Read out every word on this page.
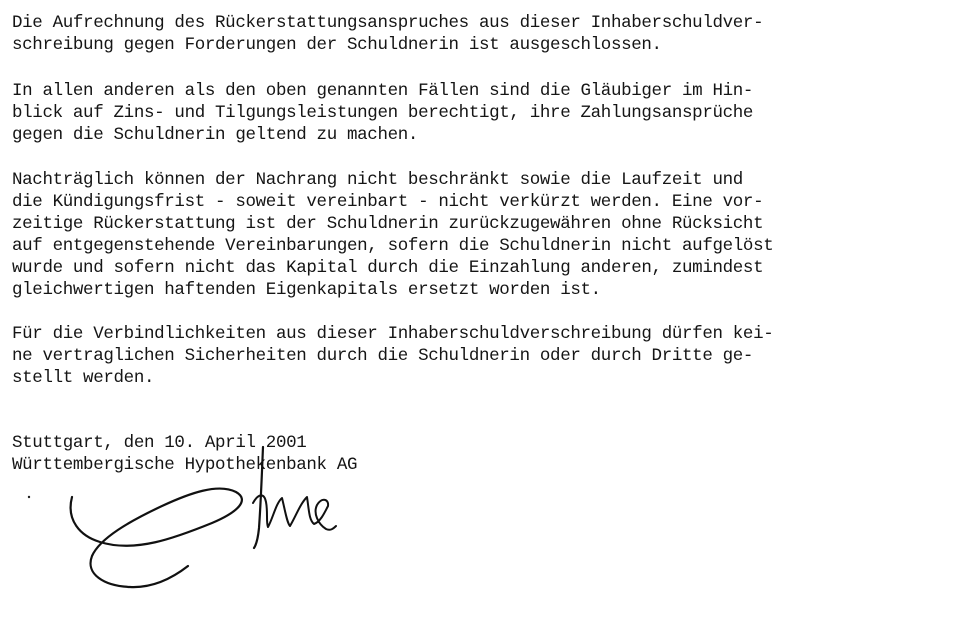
Die Aufrechnung des Rückerstattungsanspruches aus dieser Inhaberschuldver-
schreibung gegen Forderungen der Schuldnerin ist ausgeschlossen.

In allen anderen als den oben genannten Fällen sind die Gläubiger im Hin-
blick auf Zins- und Tilgungsleistungen berechtigt, ihre Zahlungsansprüche
gegen die Schuldnerin geltend zu machen.

Nachträglich können der Nachrang nicht beschränkt sowie die Laufzeit und
die Kündigungsfrist - soweit vereinbart - nicht verkürzt werden. Eine vor-
zeitige Rückerstattung ist der Schuldnerin zurückzugewähren ohne Rücksicht
auf entgegenstehende Vereinbarungen, sofern die Schuldnerin nicht aufgelöst
wurde und sofern nicht das Kapital durch die Einzahlung anderen, zumindest
gleichwertigen haftenden Eigenkapitals ersetzt worden ist.

Für die Verbindlichkeiten aus dieser Inhaberschuldverschreibung dürfen kei-
ne vertraglichen Sicherheiten durch die Schuldnerin oder durch Dritte ge-
stellt werden.

Stuttgart, den 10. April 2001
Württembergische Hypothekenbank AG
